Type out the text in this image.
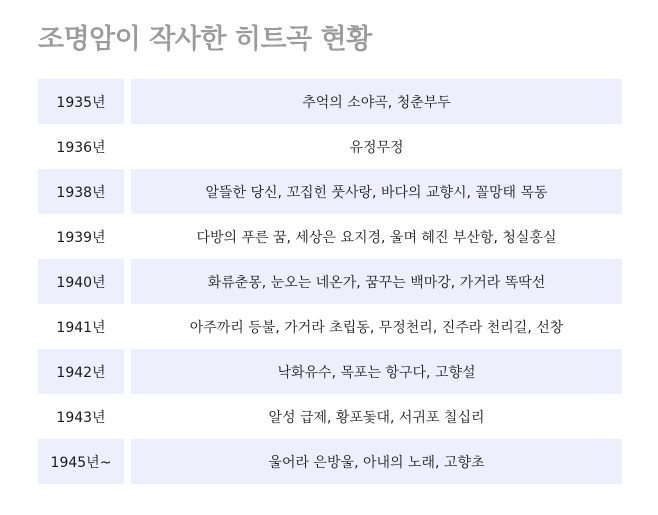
조명암이 작사한 히트곡 현황
1935년	추억의 소야곡, 청춘부두
1936년	유정무정
1938년	알뜰한 당신, 꼬집힌 풋사랑, 바다의 교향시, 꼴망태 목동
1939년	다방의 푸른 꿈, 세상은 요지경, 울며 헤진 부산항, 청실홍실
1940년	화류춘몽, 눈오는 네온가, 꿈꾸는 백마강, 가거라 똑딱선
1941년	아주까리 등불, 가거라 초립동, 무정천리, 진주라 천리길, 선창
1942년	낙화유수, 목포는 항구다, 고향설
1943년	알성 급제, 황포돛대, 서귀포 칠십리
1945년~	울어라 은방울, 아내의 노래, 고향초
